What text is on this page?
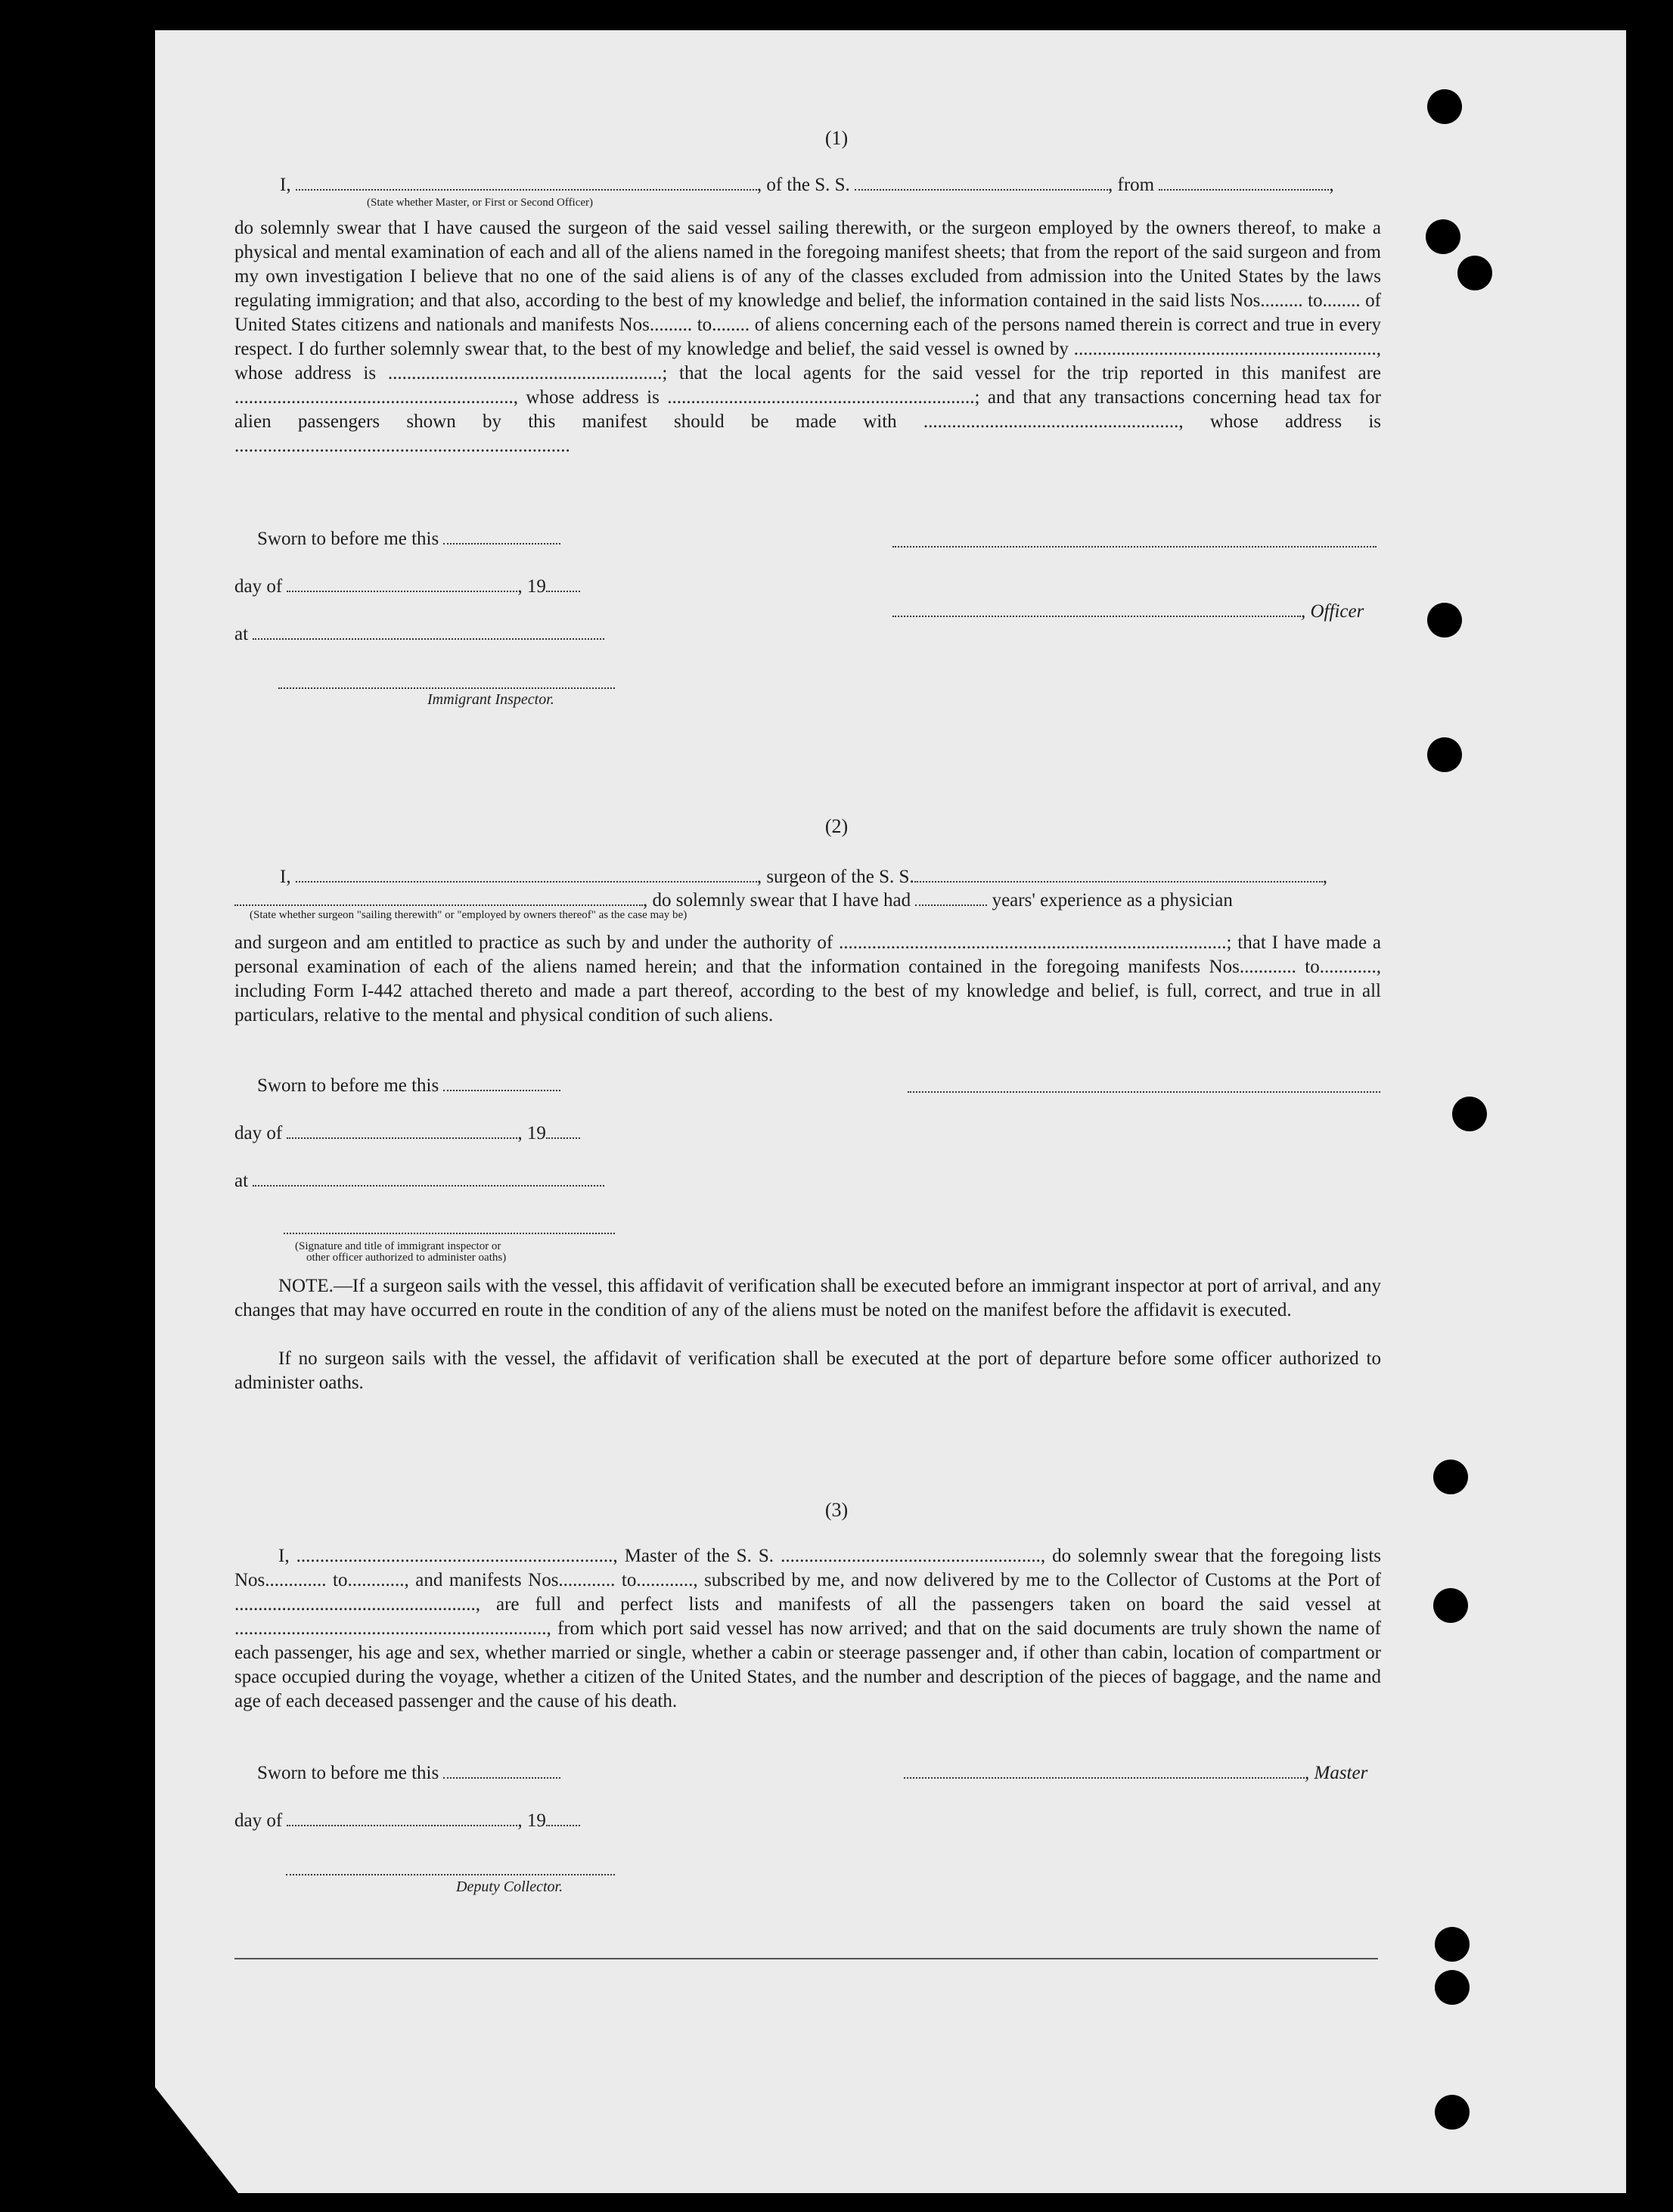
(1)
I,	, of the S. S.	, from	,
(State whether Master, or First or Second Officer)
do solemnly swear that I have caused the surgeon of the said vessel sailing therewith, or the surgeon employed by the owners thereof, to make a physical and mental examination of each and all of the aliens named in the foregoing manifest sheets; that from the report of the said surgeon and from my own investigation I believe that no one of the said aliens is of any of the classes excluded from admission into the United States by the laws regulating immigration; and that also, according to the best of my knowledge and belief, the information contained in the said lists Nos......... to........ of United States citizens and nationals and manifests Nos......... to........ of aliens concerning each of the persons named therein is correct and true in every respect. I do further solemnly swear that, to the best of my knowledge and belief, the said vessel is owned by ................................................................, whose address is ..........................................................; that the local agents for the said vessel for the trip reported in this manifest are ..........................................................., whose address is .................................................................; and that any transactions concerning head tax for alien passengers shown by this manifest should be made with ......................................................, whose address is .......................................................................
Sworn to before me this
day of	, 19
, Officer
at
Immigrant Inspector.
(2)
I,	, surgeon of the S. S.	,
, do solemnly swear that I have had	years' experience as a physician
(State whether surgeon "sailing therewith" or "employed by owners thereof" as the case may be)
and surgeon and am entitled to practice as such by and under the authority of ..................................................................................; that I have made a personal examination of each of the aliens named herein; and that the information contained in the foregoing manifests Nos............ to............, including Form I-442 attached thereto and made a part thereof, according to the best of my knowledge and belief, is full, correct, and true in all particulars, relative to the mental and physical condition of such aliens.
Sworn to before me this
day of	, 19
at
(Signature and title of immigrant inspector or
other officer authorized to administer oaths)
NOTE.—If a surgeon sails with the vessel, this affidavit of verification shall be executed before an immigrant inspector at port of arrival, and any changes that may have occurred en route in the condition of any of the aliens must be noted on the manifest before the affidavit is executed.
If no surgeon sails with the vessel, the affidavit of verification shall be executed at the port of departure before some officer authorized to administer oaths.
(3)
I, ..................................................................., Master of the S. S. ......................................................., do solemnly swear that the foregoing lists Nos............. to............, and manifests Nos............ to............, subscribed by me, and now delivered by me to the Collector of Customs at the Port of ..................................................., are full and perfect lists and manifests of all the passengers taken on board the said vessel at .................................................................., from which port said vessel has now arrived; and that on the said documents are truly shown the name of each passenger, his age and sex, whether married or single, whether a cabin or steerage passenger and, if other than cabin, location of compartment or space occupied during the voyage, whether a citizen of the United States, and the number and description of the pieces of baggage, and the name and age of each deceased passenger and the cause of his death.
Sworn to before me this	, Master
day of	, 19
Deputy Collector.
